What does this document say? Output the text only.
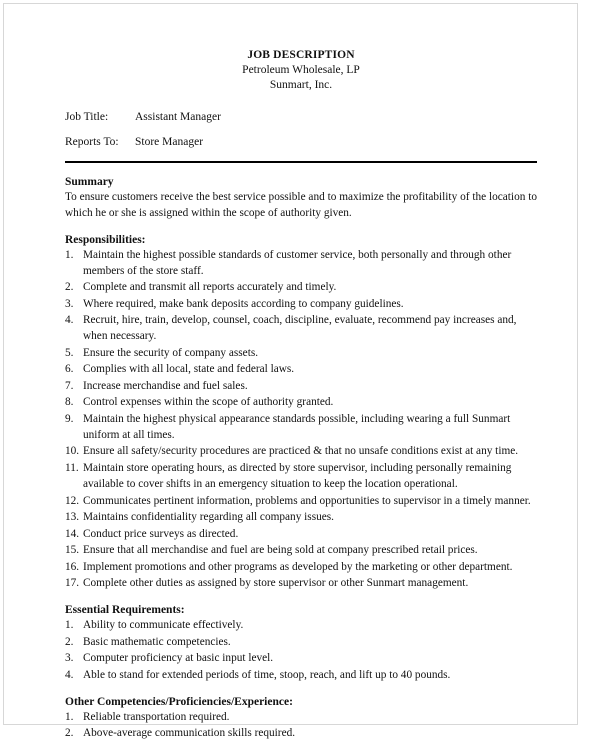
JOB DESCRIPTION
Petroleum Wholesale, LP
Sunmart, Inc.
Job Title:	Assistant Manager
Reports To:	Store Manager
Summary

To ensure customers receive the best service possible and to maximize the profitability of the location to which he or she is assigned within the scope of authority given.

Responsibilities:
1. Maintain the highest possible standards of customer service, both personally and through other members of the store staff.
2. Complete and transmit all reports accurately and timely.
3. Where required, make bank deposits according to company guidelines.
4. Recruit, hire, train, develop, counsel, coach, discipline, evaluate, recommend pay increases and, when necessary.
5. Ensure the security of company assets.
6. Complies with all local, state and federal laws.
7. Increase merchandise and fuel sales.
8. Control expenses within the scope of authority granted.
9. Maintain the highest physical appearance standards possible, including wearing a full Sunmart uniform at all times.
10. Ensure all safety/security procedures are practiced & that no unsafe conditions exist at any time.
11. Maintain store operating hours, as directed by store supervisor, including personally remaining available to cover shifts in an emergency situation to keep the location operational.
12. Communicates pertinent information, problems and opportunities to supervisor in a timely manner.
13. Maintains confidentiality regarding all company issues.
14. Conduct price surveys as directed.
15. Ensure that all merchandise and fuel are being sold at company prescribed retail prices.
16. Implement promotions and other programs as developed by the marketing or other department.
17. Complete other duties as assigned by store supervisor or other Sunmart management.
Essential Requirements:
1. Ability to communicate effectively.
2. Basic mathematic competencies.
3. Computer proficiency at basic input level.
4. Able to stand for extended periods of time, stoop, reach, and lift up to 40 pounds.
Other Competencies/Proficiencies/Experience:
1. Reliable transportation required.
2. Above-average communication skills required.
